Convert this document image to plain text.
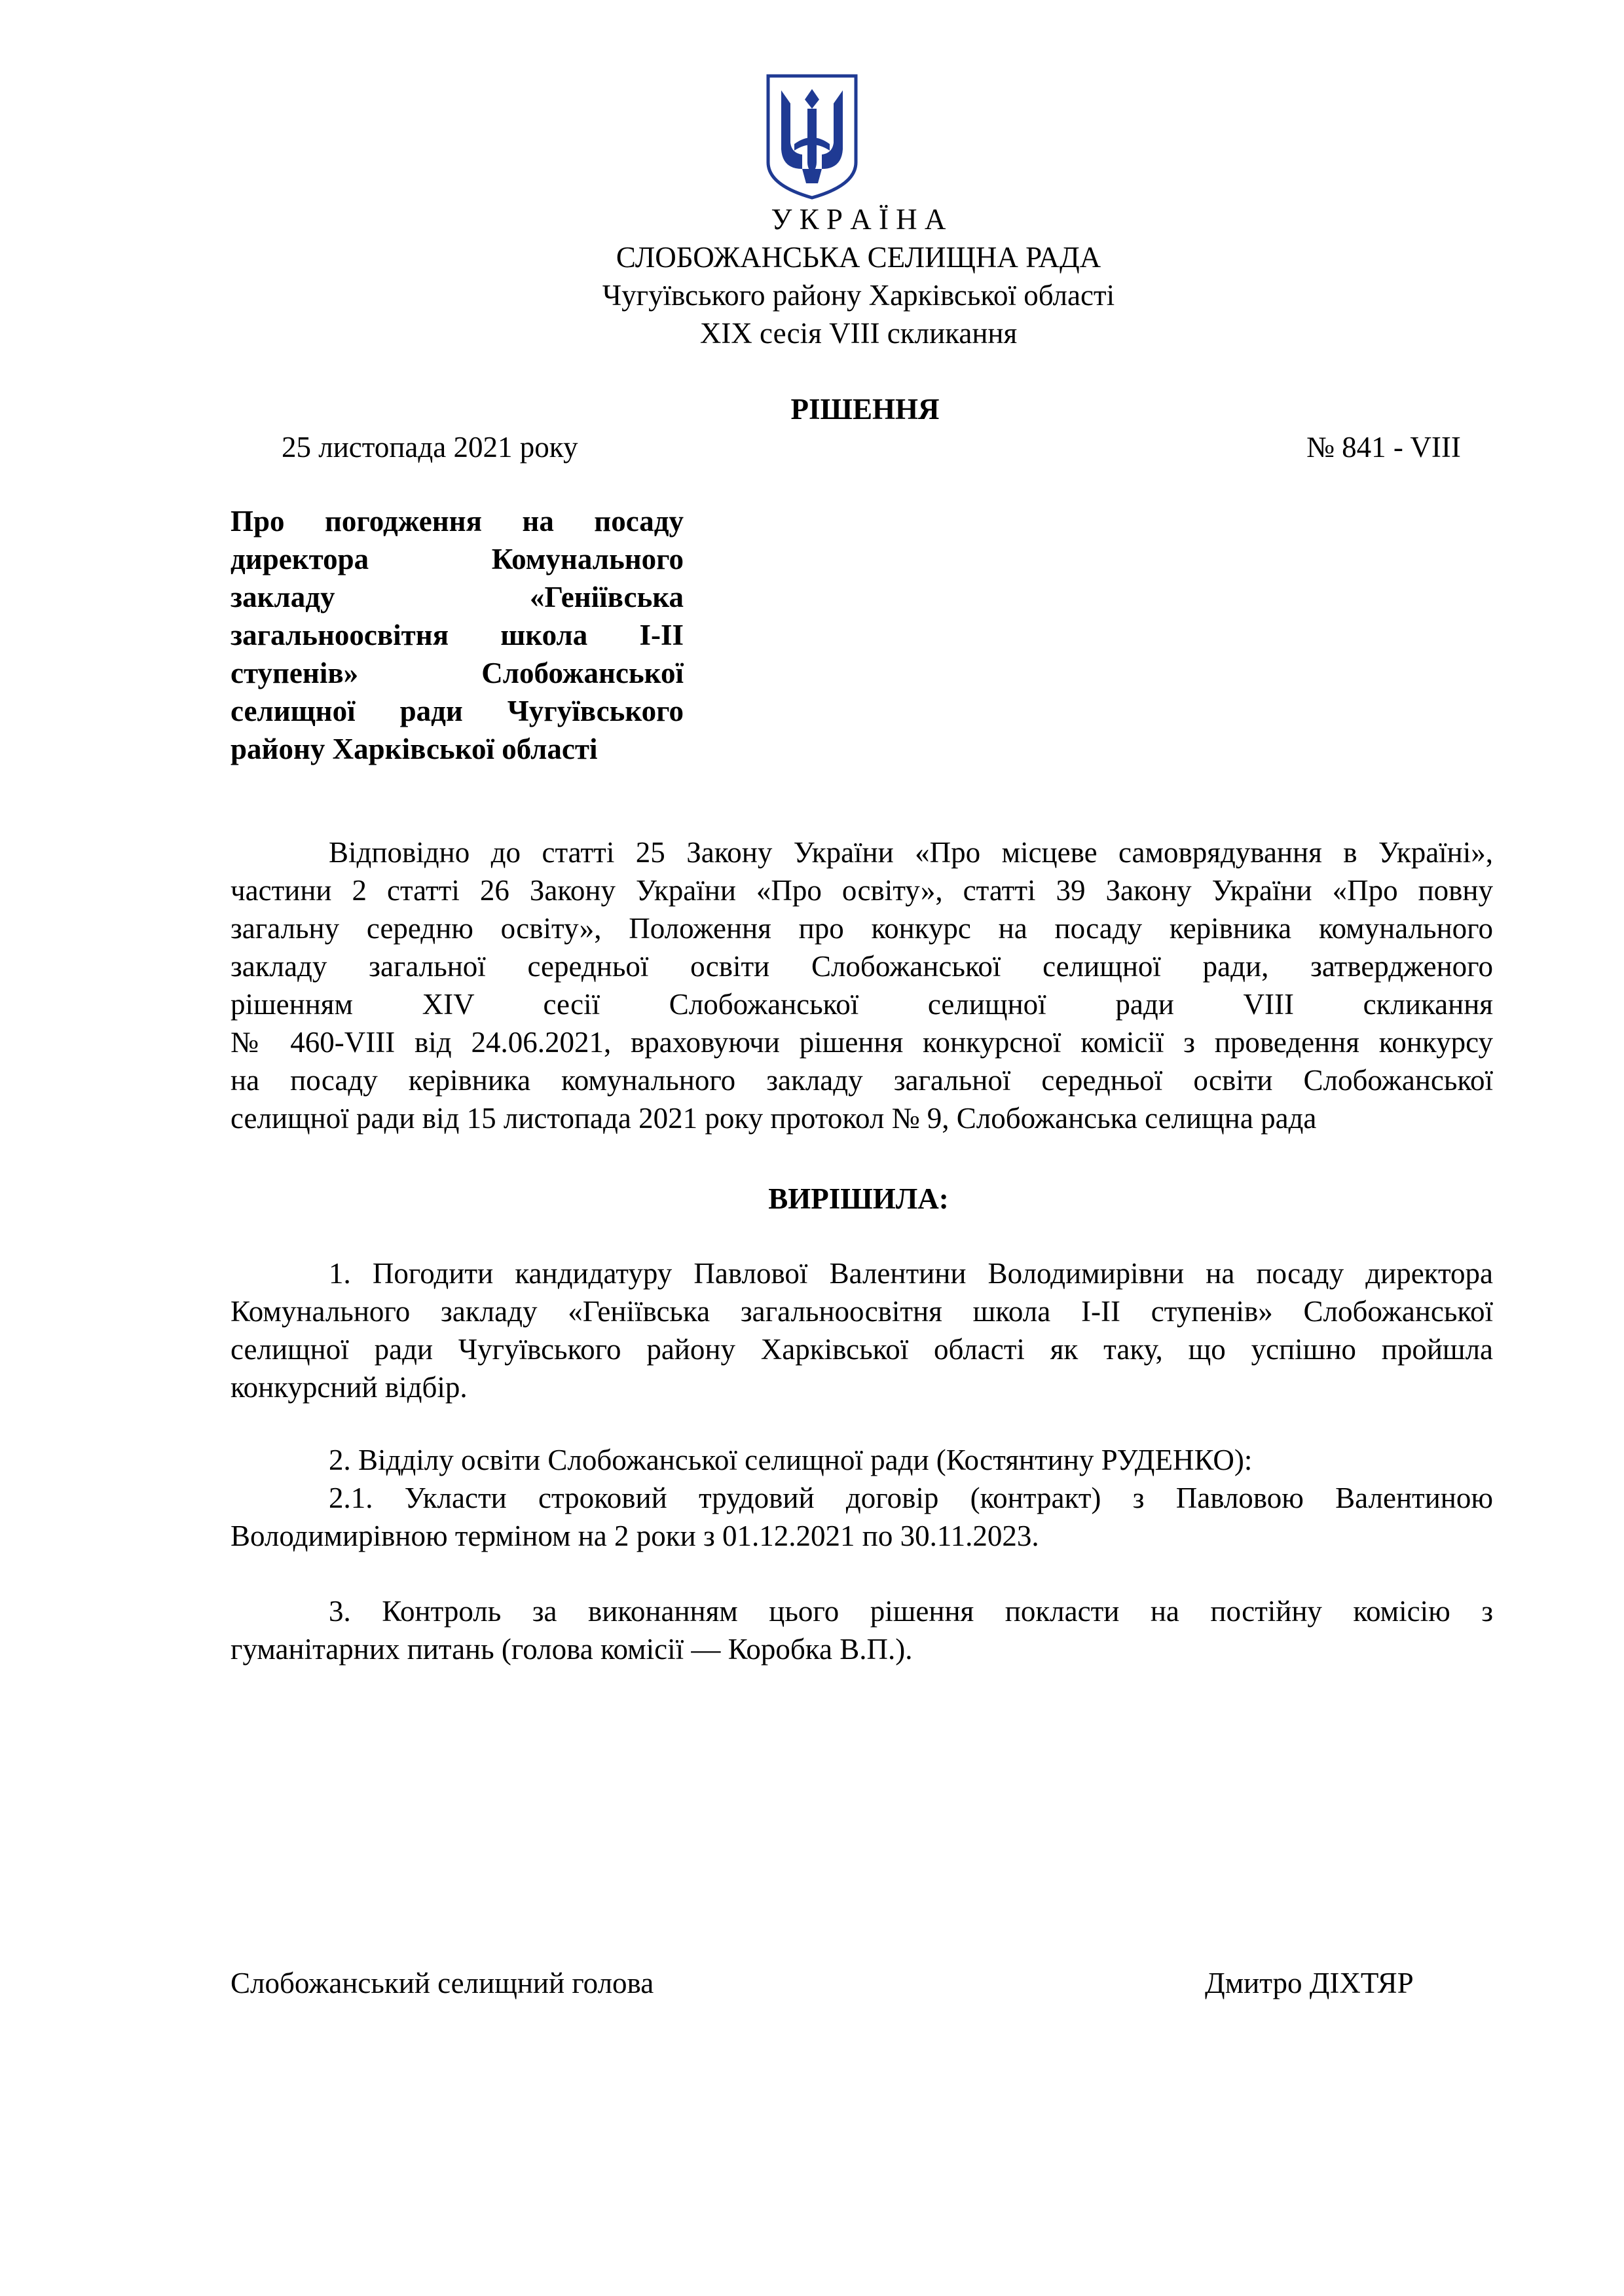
У К Р А Ї Н А
СЛОБОЖАНСЬКА СЕЛИЩНА РАДА
Чугуївського району Харківської області
XIX сесія VIII скликання
РІШЕННЯ
25 листопада 2021 року	№ 841 - VIII
Про погодження на посаду
директора Комунального
закладу «Геніївська
загальноосвітня школа І-ІІ
ступенів» Слобожанської
селищної ради Чугуївського
району Харківської області
Відповідно до статті 25 Закону України «Про місцеве самоврядування в Україні»,
частини 2 статті 26 Закону України «Про освіту», статті 39 Закону України «Про повну
загальну середню освіту», Положення про конкурс на посаду керівника комунального
закладу загальної середньої освіти Слобожанської селищної ради, затвердженого
рішенням XIV сесії Слобожанської селищної ради VIII скликання
№ 460-VIII від 24.06.2021, враховуючи рішення конкурсної комісії з проведення конкурсу
на посаду керівника комунального закладу загальної середньої освіти Слобожанської
селищної ради від 15 листопада 2021 року протокол № 9, Слобожанська селищна рада
ВИРІШИЛА:
1. Погодити кандидатуру Павлової Валентини Володимирівни на посаду директора
Комунального закладу «Геніївська загальноосвітня школа І-ІІ ступенів» Слобожанської
селищної ради Чугуївського району Харківської області як таку, що успішно пройшла
конкурсний відбір.
2. Відділу освіти Слобожанської селищної ради (Костянтину РУДЕНКО):
2.1. Укласти строковий трудовий договір (контракт) з Павловою Валентиною
Володимирівною терміном на 2 роки з 01.12.2021 по 30.11.2023.
3. Контроль за виконанням цього рішення покласти на постійну комісію з
гуманітарних питань (голова комісії — Коробка В.П.).
Слобожанський селищний голова	Дмитро ДІХТЯР
